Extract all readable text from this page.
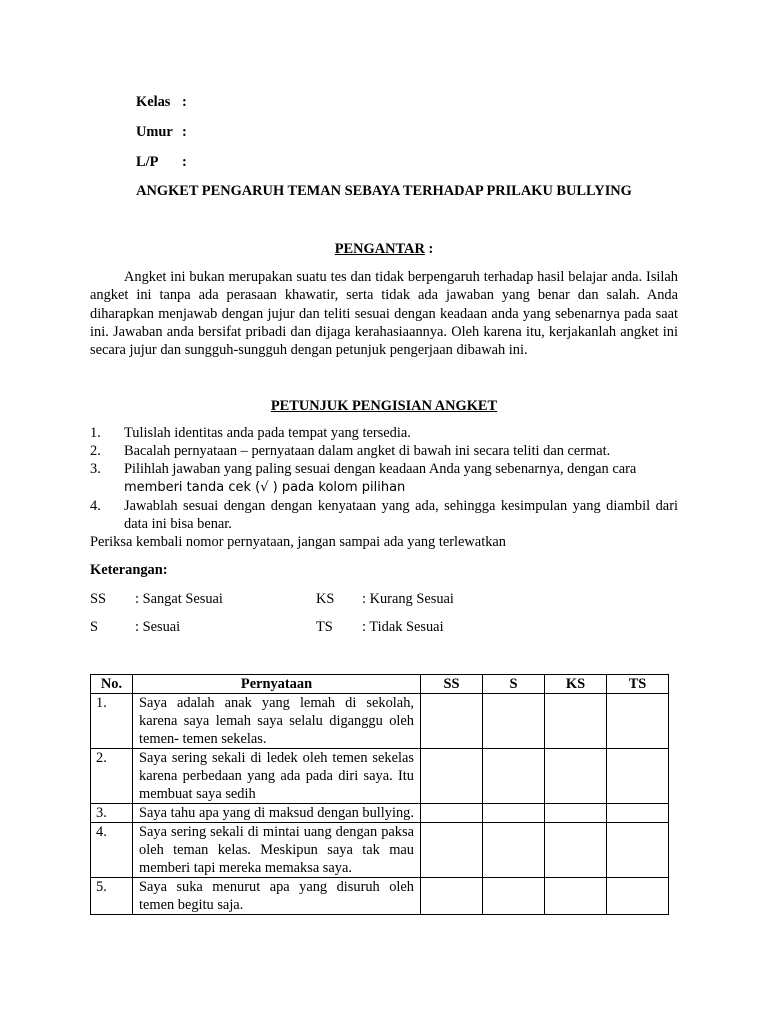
Kelas :
Umur :
L/P :
ANGKET PENGARUH TEMAN SEBAYA TERHADAP PRILAKU BULLYING
PENGANTAR :

Angket ini bukan merupakan suatu tes dan tidak berpengaruh terhadap hasil belajar anda. Isilah angket ini tanpa ada perasaan khawatir, serta tidak ada jawaban yang benar dan salah. Anda diharapkan menjawab dengan jujur dan teliti sesuai dengan keadaan anda yang sebenarnya pada saat ini. Jawaban anda bersifat pribadi dan dijaga kerahasiaannya. Oleh karena itu, kerjakanlah angket ini secara jujur dan sungguh-sungguh dengan petunjuk pengerjaan dibawah ini.

PETUNJUK PENGISIAN ANGKET
1. Tulislah identitas anda pada tempat yang tersedia.
2. Bacalah pernyataan – pernyataan dalam angket di bawah ini secara teliti dan cermat.
3. Pilihlah jawaban yang paling sesuai dengan keadaan Anda yang sebenarnya, dengan cara
memberi tanda cek (√ ) pada kolom pilihan
4. Jawablah sesuai dengan dengan kenyataan yang ada, sehingga kesimpulan yang diambil dari data ini bisa benar.
Periksa kembali nomor pernyataan, jangan sampai ada yang terlewatkan
Keterangan:
SS : Sangat Sesuai	KS : Kurang Sesuai
S	: Sesuai	TS : Tidak Sesuai
No.	Pernyataan	SS	S	KS	TS
1.	Saya adalah anak yang lemah di sekolah, karena saya lemah saya selalu diganggu oleh temen- temen sekelas.				
2.	Saya sering sekali di ledek oleh temen sekelas karena perbedaan yang ada pada diri saya. Itu membuat saya sedih				
3.	Saya tahu apa yang di maksud dengan bullying.				
4.	Saya sering sekali di mintai uang dengan paksa oleh teman kelas. Meskipun saya tak mau memberi tapi mereka memaksa saya.				
5.	Saya suka menurut apa yang disuruh oleh temen begitu saja.				
